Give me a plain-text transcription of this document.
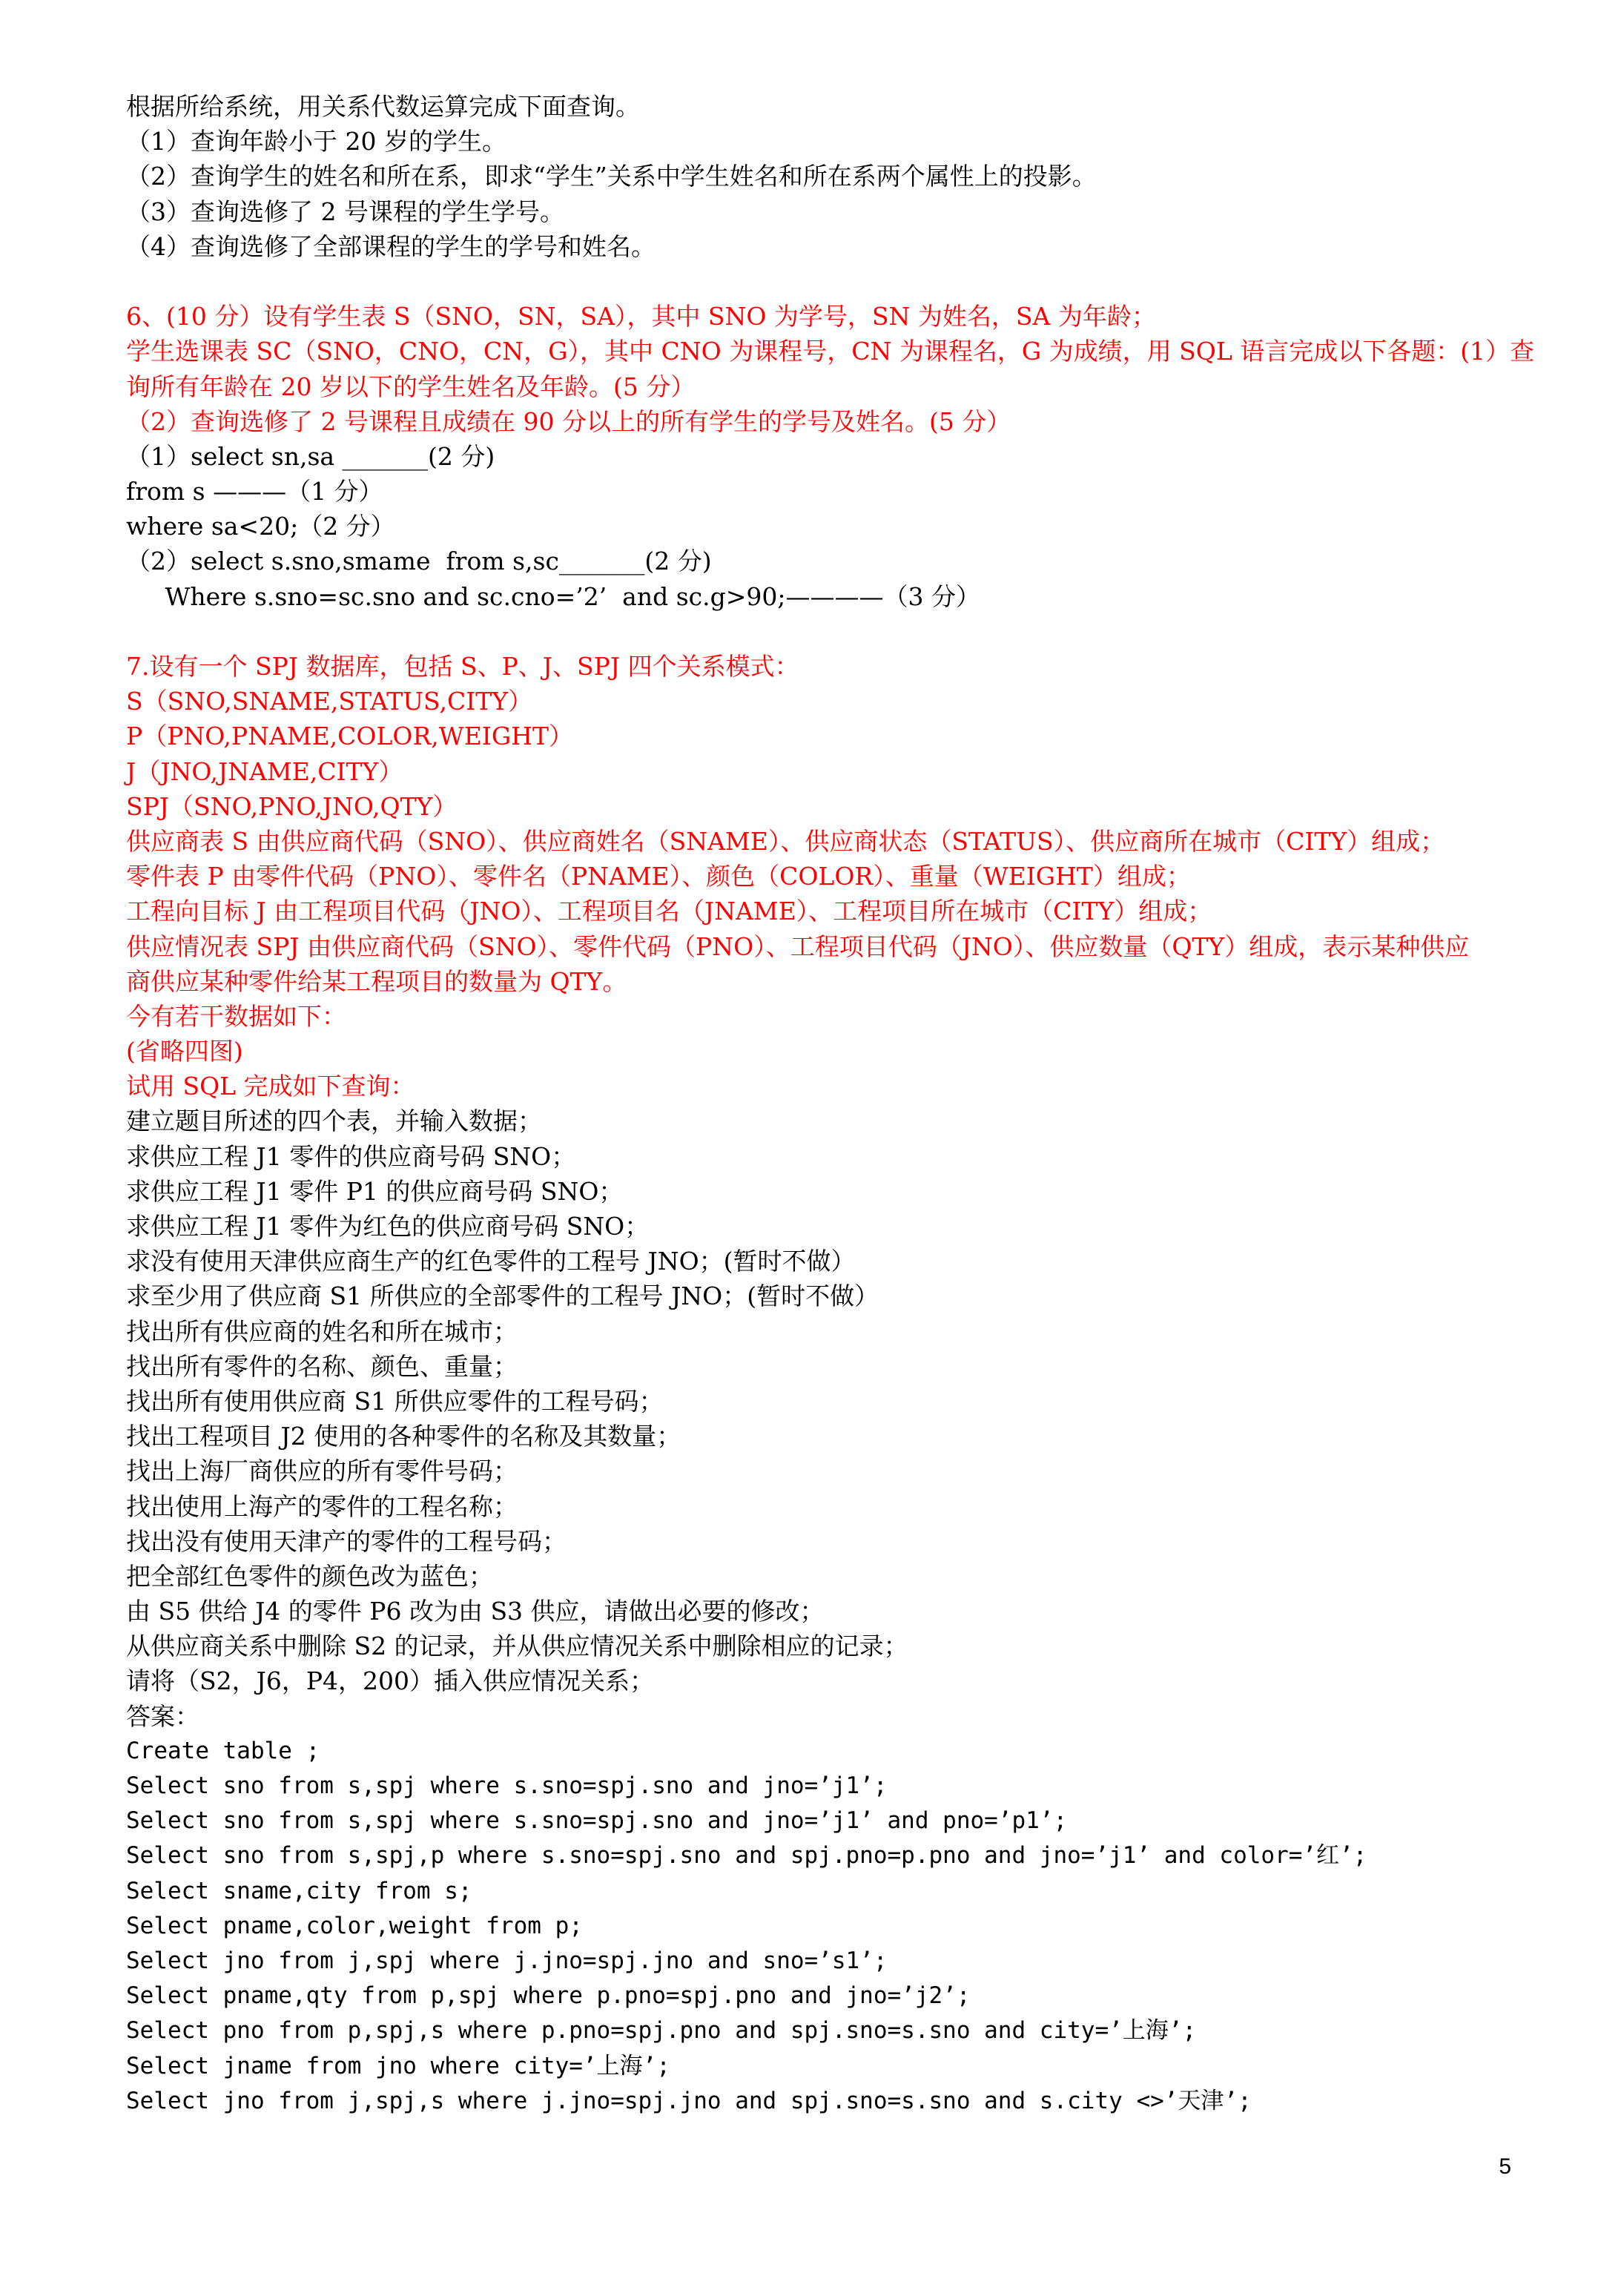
根据所给系统，用关系代数运算完成下面查询。
（1）查询年龄小于 20 岁的学生。
（2）查询学生的姓名和所在系，即求“学生”关系中学生姓名和所在系两个属性上的投影。
（3）查询选修了 2 号课程的学生学号。
（4）查询选修了全部课程的学生的学号和姓名。
6、(10 分）设有学生表 S（SNO，SN，SA），其中 SNO 为学号，SN 为姓名，SA 为年龄；
学生选课表 SC（SNO，CNO，CN，G），其中 CNO 为课程号，CN 为课程名，G 为成绩，用 SQL 语言完成以下各题：(1）查
询所有年龄在 20 岁以下的学生姓名及年龄。(5 分）
（2）查询选修了 2 号课程且成绩在 90 分以上的所有学生的学号及姓名。(5 分）
（1）select sn,sa _______(2 分)
from s ———（1 分）
where sa<20;（2 分）
（2）select s.sno,smame  from s,sc_______(2 分)
Where s.sno=sc.sno and sc.cno=’2’  and sc.g>90;————（3 分）
7.设有一个 SPJ 数据库，包括 S、P、J、SPJ 四个关系模式：
S（SNO,SNAME,STATUS,CITY）
P（PNO,PNAME,COLOR,WEIGHT）
J（JNO,JNAME,CITY）
SPJ（SNO,PNO,JNO,QTY）
供应商表 S 由供应商代码（SNO）、供应商姓名（SNAME）、供应商状态（STATUS）、供应商所在城市（CITY）组成；
零件表 P 由零件代码（PNO）、零件名（PNAME）、颜色（COLOR）、重量（WEIGHT）组成；
工程向目标 J 由工程项目代码（JNO）、工程项目名（JNAME）、工程项目所在城市（CITY）组成；
供应情况表 SPJ 由供应商代码（SNO）、零件代码（PNO）、工程项目代码（JNO）、供应数量（QTY）组成，表示某种供应
商供应某种零件给某工程项目的数量为 QTY。
今有若干数据如下：
(省略四图)
试用 SQL 完成如下查询：
建立题目所述的四个表，并输入数据；
求供应工程 J1 零件的供应商号码 SNO；
求供应工程 J1 零件 P1 的供应商号码 SNO；
求供应工程 J1 零件为红色的供应商号码 SNO；
求没有使用天津供应商生产的红色零件的工程号 JNO；(暂时不做）
求至少用了供应商 S1 所供应的全部零件的工程号 JNO；(暂时不做）
找出所有供应商的姓名和所在城市；
找出所有零件的名称、颜色、重量；
找出所有使用供应商 S1 所供应零件的工程号码；
找出工程项目 J2 使用的各种零件的名称及其数量；
找出上海厂商供应的所有零件号码；
找出使用上海产的零件的工程名称；
找出没有使用天津产的零件的工程号码；
把全部红色零件的颜色改为蓝色；
由 S5 供给 J4 的零件 P6 改为由 S3 供应，请做出必要的修改；
从供应商关系中删除 S2 的记录，并从供应情况关系中删除相应的记录；
请将（S2，J6，P4，200）插入供应情况关系；
答案：
Create table ;
Select sno from s,spj where s.sno=spj.sno and jno=’j1’;
Select sno from s,spj where s.sno=spj.sno and jno=’j1’ and pno=’p1’;
Select sno from s,spj,p where s.sno=spj.sno and spj.pno=p.pno and jno=’j1’ and color=’红’;
Select sname,city from s;
Select pname,color,weight from p;
Select jno from j,spj where j.jno=spj.jno and sno=’s1’;
Select pname,qty from p,spj where p.pno=spj.pno and jno=’j2’;
Select pno from p,spj,s where p.pno=spj.pno and spj.sno=s.sno and city=’上海’;
Select jname from jno where city=’上海’;
Select jno from j,spj,s where j.jno=spj.jno and spj.sno=s.sno and s.city <>’天津’;
5
